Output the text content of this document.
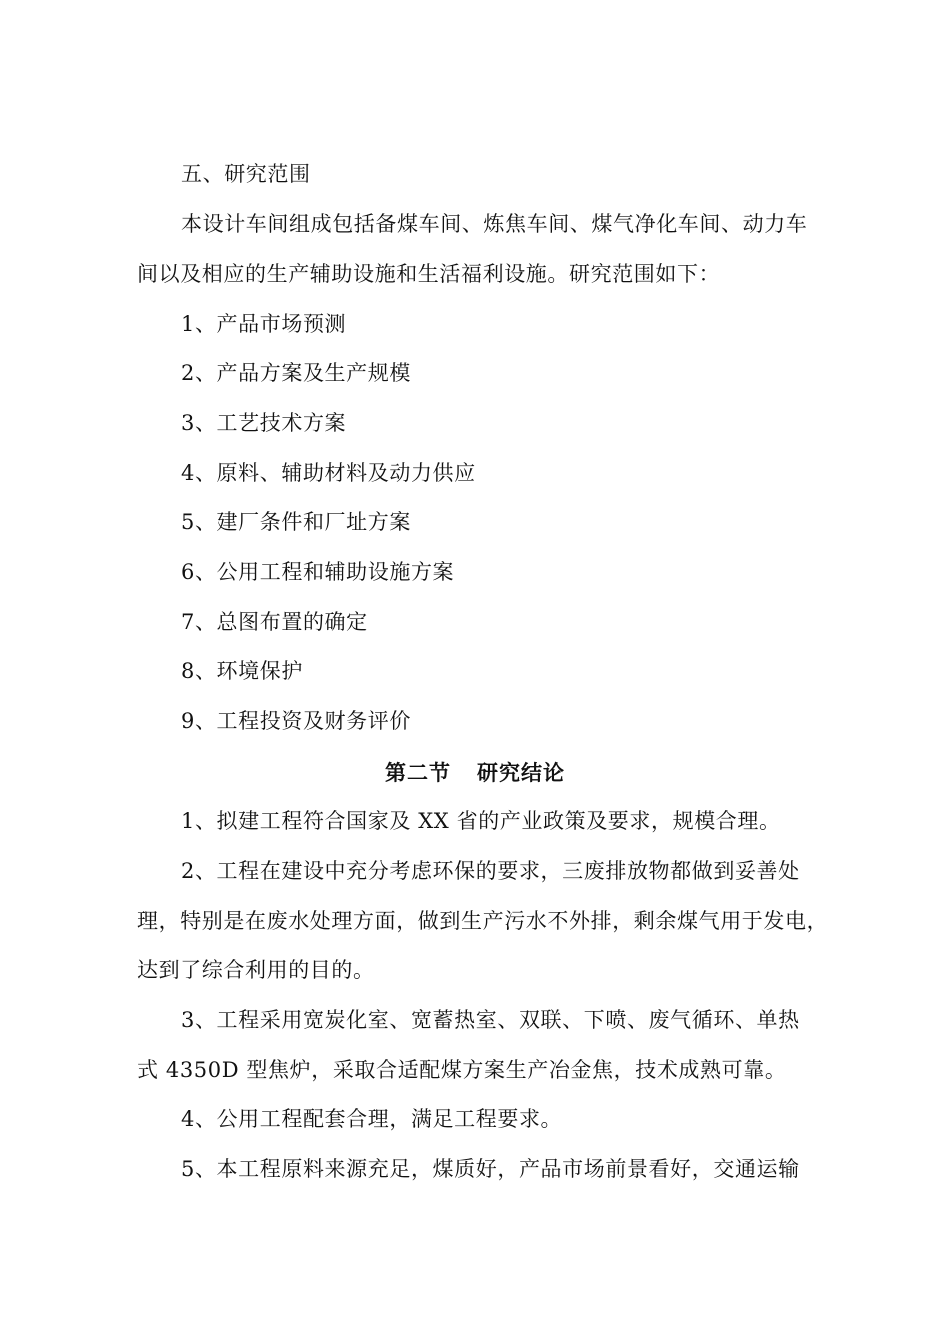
五、研究范围
本设计车间组成包括备煤车间、炼焦车间、煤气净化车间、动力车
间以及相应的生产辅助设施和生活福利设施。研究范围如下：
1、产品市场预测
2、产品方案及生产规模
3、工艺技术方案
4、原料、辅助材料及动力供应
5、建厂条件和厂址方案
6、公用工程和辅助设施方案
7、总图布置的确定
8、环境保护
9、工程投资及财务评价
第二节 研究结论
1、拟建工程符合国家及 XX 省的产业政策及要求，规模合理。
2、工程在建设中充分考虑环保的要求，三废排放物都做到妥善处
理，特别是在废水处理方面，做到生产污水不外排，剩余煤气用于发电，
达到了综合利用的目的。
3、工程采用宽炭化室、宽蓄热室、双联、下喷、废气循环、单热
式 4350D 型焦炉，采取合适配煤方案生产冶金焦，技术成熟可靠。
4、公用工程配套合理，满足工程要求。
5、本工程原料来源充足，煤质好，产品市场前景看好，交通运输
